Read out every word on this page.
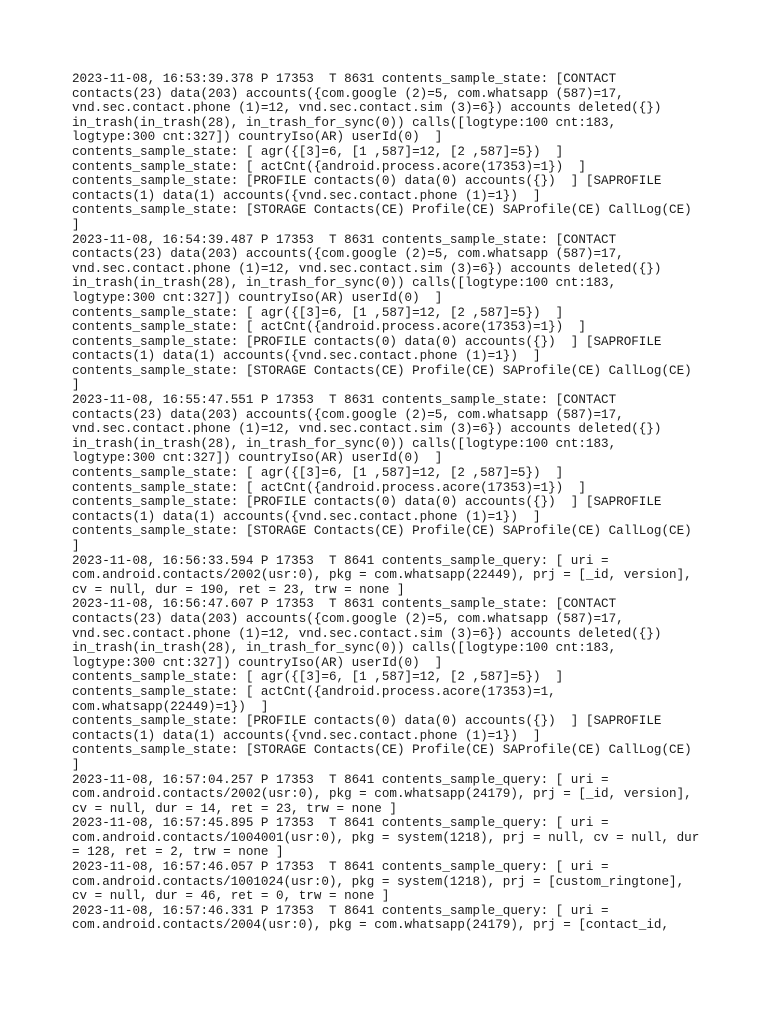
2023-11-08, 16:53:39.378 P 17353  T 8631 contents_sample_state: [CONTACT
contacts(23) data(203) accounts({com.google (2)=5, com.whatsapp (587)=17,
vnd.sec.contact.phone (1)=12, vnd.sec.contact.sim (3)=6}) accounts deleted({})
in_trash(in_trash(28), in_trash_for_sync(0)) calls([logtype:100 cnt:183,
logtype:300 cnt:327]) countryIso(AR) userId(0)  ]
contents_sample_state: [ agr({[3]=6, [1 ,587]=12, [2 ,587]=5})  ]
contents_sample_state: [ actCnt({android.process.acore(17353)=1})  ]
contents_sample_state: [PROFILE contacts(0) data(0) accounts({})  ] [SAPROFILE
contacts(1) data(1) accounts({vnd.sec.contact.phone (1)=1})  ]
contents_sample_state: [STORAGE Contacts(CE) Profile(CE) SAProfile(CE) CallLog(CE)
]
2023-11-08, 16:54:39.487 P 17353  T 8631 contents_sample_state: [CONTACT
contacts(23) data(203) accounts({com.google (2)=5, com.whatsapp (587)=17,
vnd.sec.contact.phone (1)=12, vnd.sec.contact.sim (3)=6}) accounts deleted({})
in_trash(in_trash(28), in_trash_for_sync(0)) calls([logtype:100 cnt:183,
logtype:300 cnt:327]) countryIso(AR) userId(0)  ]
contents_sample_state: [ agr({[3]=6, [1 ,587]=12, [2 ,587]=5})  ]
contents_sample_state: [ actCnt({android.process.acore(17353)=1})  ]
contents_sample_state: [PROFILE contacts(0) data(0) accounts({})  ] [SAPROFILE
contacts(1) data(1) accounts({vnd.sec.contact.phone (1)=1})  ]
contents_sample_state: [STORAGE Contacts(CE) Profile(CE) SAProfile(CE) CallLog(CE)
]
2023-11-08, 16:55:47.551 P 17353  T 8631 contents_sample_state: [CONTACT
contacts(23) data(203) accounts({com.google (2)=5, com.whatsapp (587)=17,
vnd.sec.contact.phone (1)=12, vnd.sec.contact.sim (3)=6}) accounts deleted({})
in_trash(in_trash(28), in_trash_for_sync(0)) calls([logtype:100 cnt:183,
logtype:300 cnt:327]) countryIso(AR) userId(0)  ]
contents_sample_state: [ agr({[3]=6, [1 ,587]=12, [2 ,587]=5})  ]
contents_sample_state: [ actCnt({android.process.acore(17353)=1})  ]
contents_sample_state: [PROFILE contacts(0) data(0) accounts({})  ] [SAPROFILE
contacts(1) data(1) accounts({vnd.sec.contact.phone (1)=1})  ]
contents_sample_state: [STORAGE Contacts(CE) Profile(CE) SAProfile(CE) CallLog(CE)
]
2023-11-08, 16:56:33.594 P 17353  T 8641 contents_sample_query: [ uri =
com.android.contacts/2002(usr:0), pkg = com.whatsapp(22449), prj = [_id, version],
cv = null, dur = 190, ret = 23, trw = none ]
2023-11-08, 16:56:47.607 P 17353  T 8631 contents_sample_state: [CONTACT
contacts(23) data(203) accounts({com.google (2)=5, com.whatsapp (587)=17,
vnd.sec.contact.phone (1)=12, vnd.sec.contact.sim (3)=6}) accounts deleted({})
in_trash(in_trash(28), in_trash_for_sync(0)) calls([logtype:100 cnt:183,
logtype:300 cnt:327]) countryIso(AR) userId(0)  ]
contents_sample_state: [ agr({[3]=6, [1 ,587]=12, [2 ,587]=5})  ]
contents_sample_state: [ actCnt({android.process.acore(17353)=1,
com.whatsapp(22449)=1})  ]
contents_sample_state: [PROFILE contacts(0) data(0) accounts({})  ] [SAPROFILE
contacts(1) data(1) accounts({vnd.sec.contact.phone (1)=1})  ]
contents_sample_state: [STORAGE Contacts(CE) Profile(CE) SAProfile(CE) CallLog(CE)
]
2023-11-08, 16:57:04.257 P 17353  T 8641 contents_sample_query: [ uri =
com.android.contacts/2002(usr:0), pkg = com.whatsapp(24179), prj = [_id, version],
cv = null, dur = 14, ret = 23, trw = none ]
2023-11-08, 16:57:45.895 P 17353  T 8641 contents_sample_query: [ uri =
com.android.contacts/1004001(usr:0), pkg = system(1218), prj = null, cv = null, dur
= 128, ret = 2, trw = none ]
2023-11-08, 16:57:46.057 P 17353  T 8641 contents_sample_query: [ uri =
com.android.contacts/1001024(usr:0), pkg = system(1218), prj = [custom_ringtone],
cv = null, dur = 46, ret = 0, trw = none ]
2023-11-08, 16:57:46.331 P 17353  T 8641 contents_sample_query: [ uri =
com.android.contacts/2004(usr:0), pkg = com.whatsapp(24179), prj = [contact_id,
